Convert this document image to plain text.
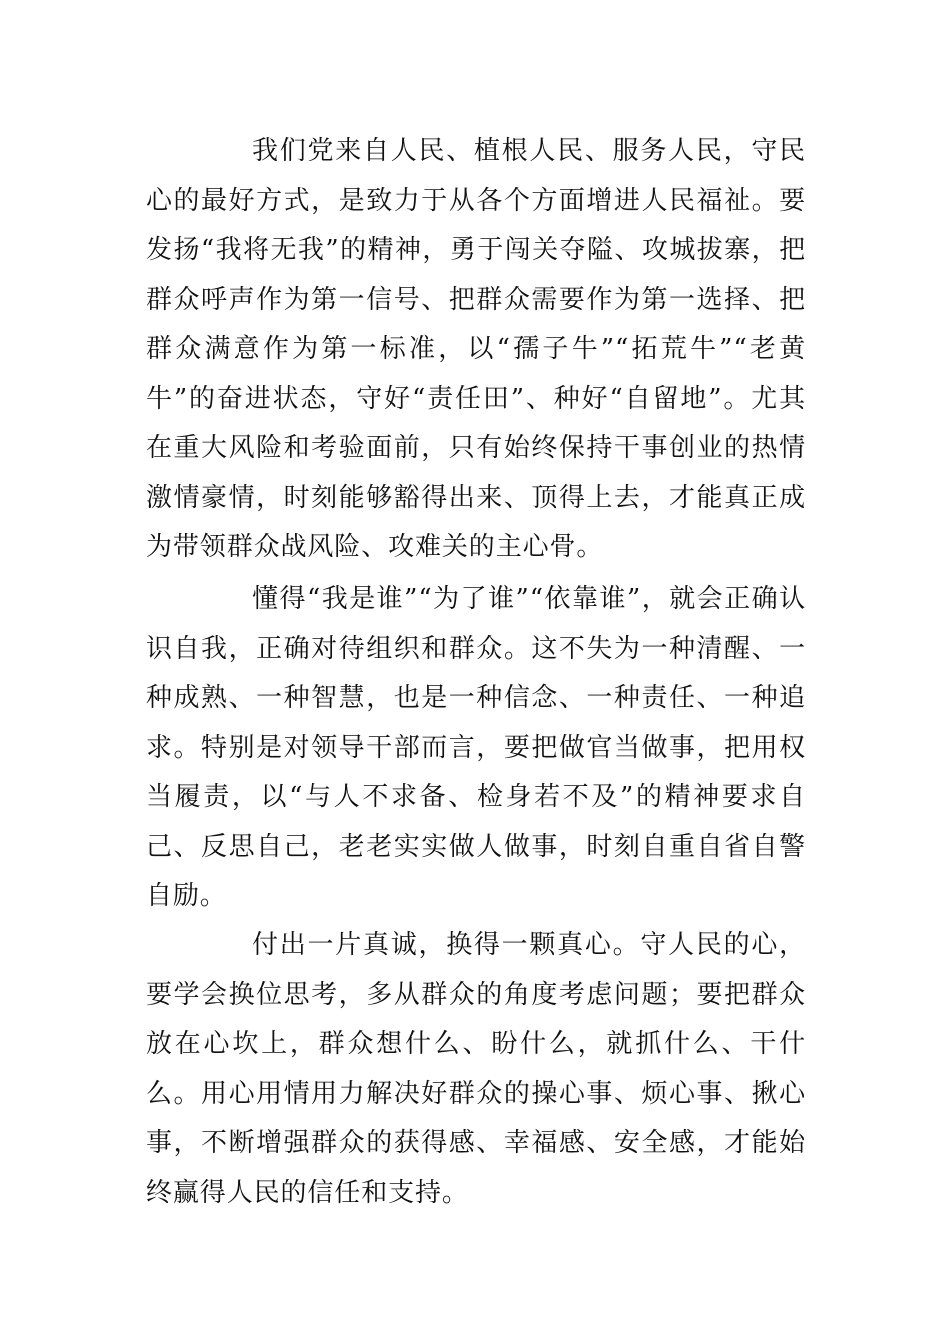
我们党来自人民、植根人民、服务人民，守民心的最好方式，是致力于从各个方面增进人民福祉。要发扬“我将无我”的精神，勇于闯关夺隘、攻城拔寨，把群众呼声作为第一信号、把群众需要作为第一选择、把群众满意作为第一标准，以“孺子牛”“拓荒牛”“老黄牛”的奋进状态，守好“责任田”、种好“自留地”。尤其在重大风险和考验面前，只有始终保持干事创业的热情激情豪情，时刻能够豁得出来、顶得上去，才能真正成为带领群众战风险、攻难关的主心骨。

懂得“我是谁”“为了谁”“依靠谁”，就会正确认识自我，正确对待组织和群众。这不失为一种清醒、一种成熟、一种智慧，也是一种信念、一种责任、一种追求。特别是对领导干部而言，要把做官当做事，把用权当履责，以“与人不求备、检身若不及”的精神要求自己、反思自己，老老实实做人做事，时刻自重自省自警自励。

付出一片真诚，换得一颗真心。守人民的心，要学会换位思考，多从群众的角度考虑问题；要把群众放在心坎上，群众想什么、盼什么，就抓什么、干什么。用心用情用力解决好群众的操心事、烦心事、揪心事，不断增强群众的获得感、幸福感、安全感，才能始终赢得人民的信任和支持。
